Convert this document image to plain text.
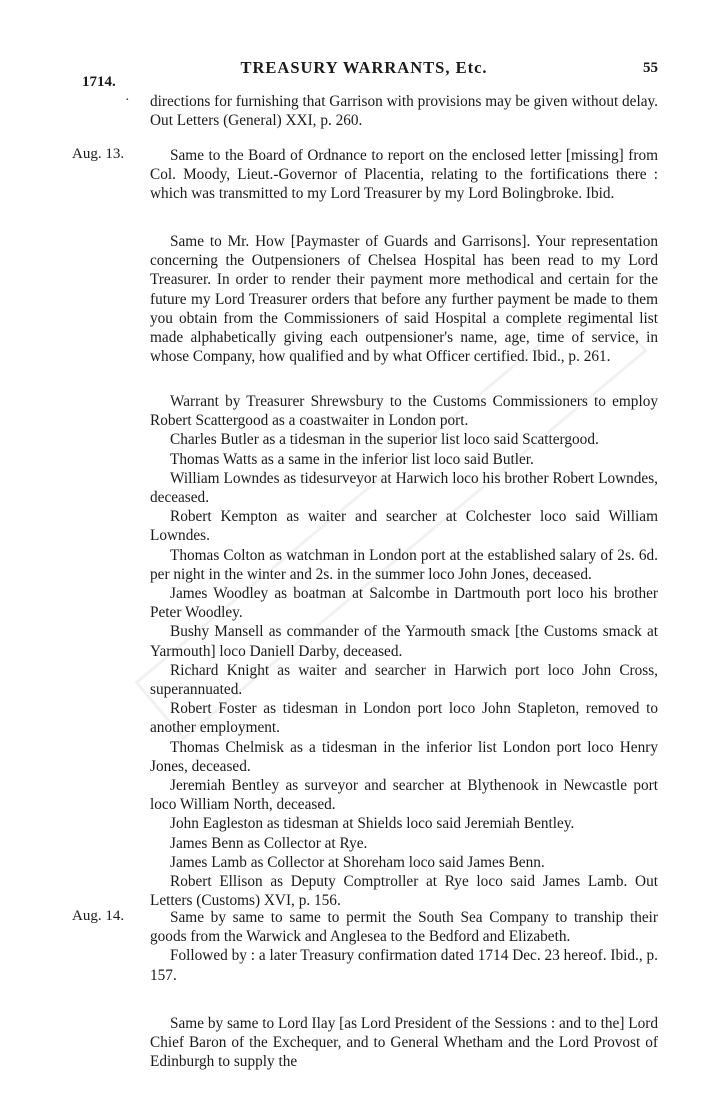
1714.
TREASURY WARRANTS, Etc.	55
· directions for furnishing that Garrison with provisions may be given without delay. Out Letters (General) XXI, p. 260.

Aug. 13.	Same to the Board of Ordnance to report on the enclosed letter [missing] from Col. Moody, Lieut.-Governor of Placentia, relating to the fortifications there : which was transmitted to my Lord Treasurer by my Lord Bolingbroke. Ibid.

Same to Mr. How [Paymaster of Guards and Garrisons]. Your representation concerning the Outpensioners of Chelsea Hospital has been read to my Lord Treasurer. In order to render their payment more methodical and certain for the future my Lord Treasurer orders that before any further payment be made to them you obtain from the Commissioners of said Hospital a complete regimental list made alphabetically giving each outpensioner's name, age, time of service, in whose Company, how qualified and by what Officer certified. Ibid., p. 261.

Warrant by Treasurer Shrewsbury to the Customs Commissioners to employ Robert Scattergood as a coastwaiter in London port.

Charles Butler as a tidesman in the superior list loco said Scattergood.

Thomas Watts as a same in the inferior list loco said Butler.

William Lowndes as tidesurveyor at Harwich loco his brother Robert Lowndes, deceased.

Robert Kempton as waiter and searcher at Colchester loco said William Lowndes.

Thomas Colton as watchman in London port at the established salary of 2s. 6d. per night in the winter and 2s. in the summer loco John Jones, deceased.

James Woodley as boatman at Salcombe in Dartmouth port loco his brother Peter Woodley.

Bushy Mansell as commander of the Yarmouth smack [the Customs smack at Yarmouth] loco Daniell Darby, deceased.

Richard Knight as waiter and searcher in Harwich port loco John Cross, superannuated.

Robert Foster as tidesman in London port loco John Stapleton, removed to another employment.

Thomas Chelmisk as a tidesman in the inferior list London port loco Henry Jones, deceased.

Jeremiah Bentley as surveyor and searcher at Blythenook in Newcastle port loco William North, deceased.

John Eagleston as tidesman at Shields loco said Jeremiah Bentley.

James Benn as Collector at Rye.

James Lamb as Collector at Shoreham loco said James Benn.

Robert Ellison as Deputy Comptroller at Rye loco said James Lamb. Out Letters (Customs) XVI, p. 156.

Aug. 14.	Same by same to same to permit the South Sea Company to tranship their goods from the Warwick and Anglesea to the Bedford and Elizabeth.

Followed by : a later Treasury confirmation dated 1714 Dec. 23 hereof. Ibid., p. 157.

Same by same to Lord Ilay [as Lord President of the Sessions : and to the] Lord Chief Baron of the Exchequer, and to General Whetham and the Lord Provost of Edinburgh to supply the
